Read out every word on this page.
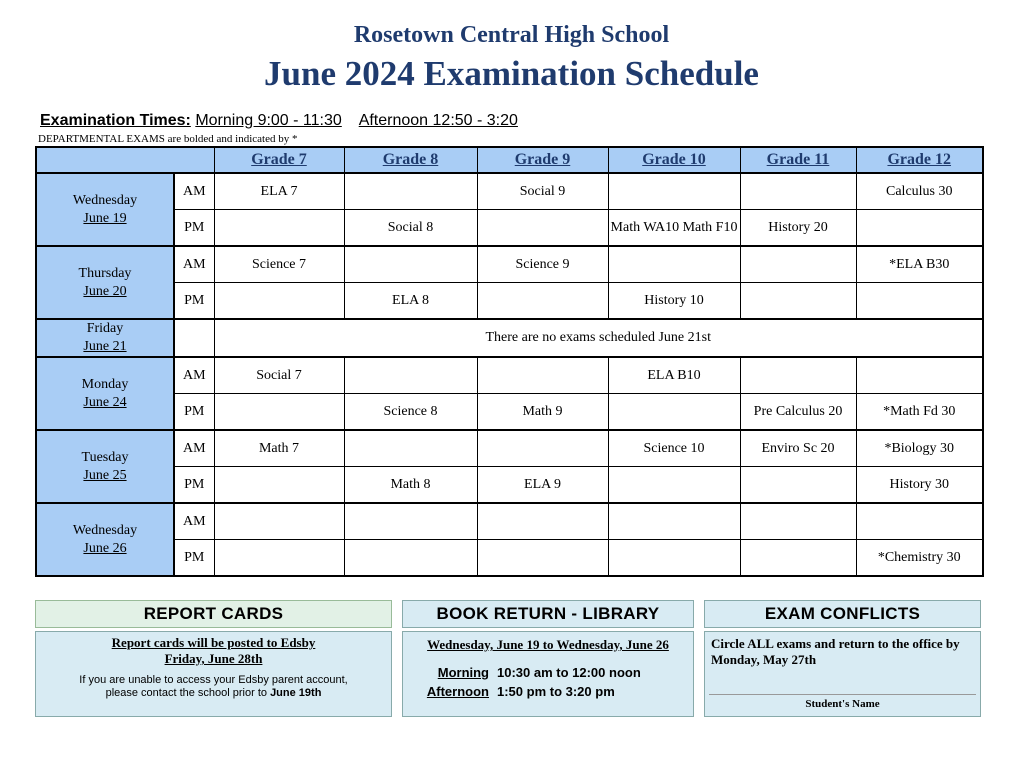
Rosetown Central High School
June 2024 Examination Schedule
Examination Times: Morning 9:00 - 11:30 Afternoon 12:50 - 3:20
DEPARTMENTAL EXAMS are bolded and indicated by *
		Grade 7	Grade 8	Grade 9	Grade 10	Grade 11	Grade 12
Wednesday
June 19	AM	ELA 7		Social 9			Calculus 30
	PM		Social 8		Math WA10 Math F10	History 20	
Thursday
June 20	AM	Science 7		Science 9			*ELA B30
	PM		ELA 8		History 10		
Friday
June 21		There are no exams scheduled June 21st					
Monday
June 24	AM	Social 7			ELA B10		
	PM		Science 8	Math 9		Pre Calculus 20	*Math Fd 30
Tuesday
June 25	AM	Math 7			Science 10	Enviro Sc 20	*Biology 30
	PM		Math 8	ELA 9			History 30
Wednesday
June 26	AM						
	PM						*Chemistry 30
REPORT CARDS
Report cards will be posted to Edsby
Friday, June 28th
If you are unable to access your Edsby parent account,
please contact the school prior to June 19th
BOOK RETURN - LIBRARY
Wednesday, June 19 to Wednesday, June 26
Morning 10:30 am to 12:00 noon
Afternoon 1:50 pm to 3:20 pm
EXAM CONFLICTS
Circle ALL exams and return to the office by Monday, May 27th
Student's Name
